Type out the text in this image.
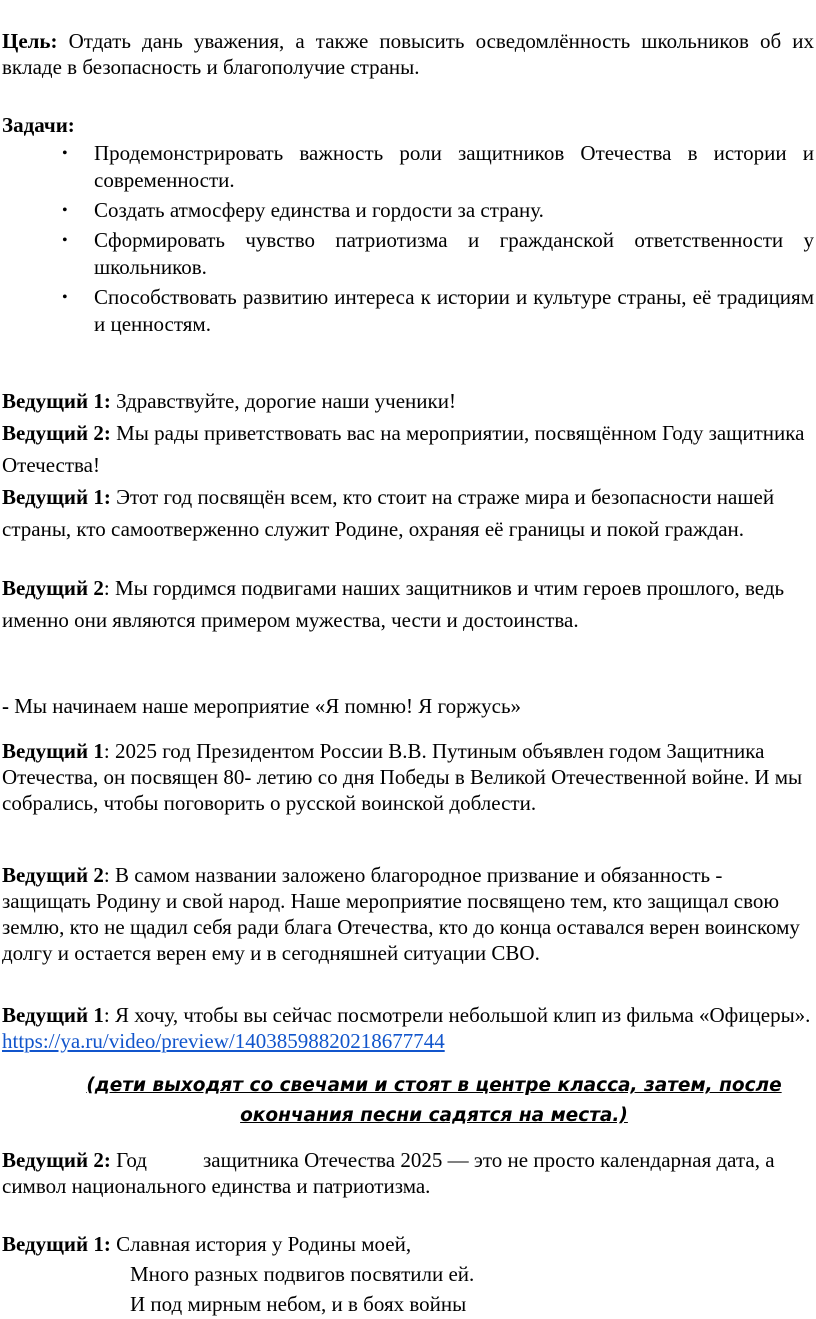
Цель: Отдать дань уважения, а также повысить осведомлённость школьников об их вкладе в безопасность и благополучие страны.

Задачи:

• Продемонстрировать важность роли защитников Отечества в истории и современности.
• Создать атмосферу единства и гордости за страну.
• Сформировать чувство патриотизма и гражданской ответственности у школьников.
• Способствовать развитию интереса к истории и культуре страны, её традициям и ценностям.

Ведущий 1: Здравствуйте, дорогие наши ученики!

Ведущий 2: Мы рады приветствовать вас на мероприятии, посвящённом Году защитника Отечества!

Ведущий 1: Этот год посвящён всем, кто стоит на страже мира и безопасности нашей страны, кто самоотверженно служит Родине, охраняя её границы и покой граждан.

Ведущий 2: Мы гордимся подвигами наших защитников и чтим героев прошлого, ведь именно они являются примером мужества, чести и достоинства.

- Мы начинаем наше мероприятие «Я помню! Я горжусь»

Ведущий 1: 2025 год Президентом России В.В. Путиным объявлен годом Защитника Отечества, он посвящен 80- летию со дня Победы в Великой Отечественной войне. И мы собрались, чтобы поговорить о русской воинской доблести.

Ведущий 2: В самом названии заложено благородное призвание и обязанность - защищать Родину и свой народ. Наше мероприятие посвящено тем, кто защищал свою землю, кто не щадил себя ради блага Отечества, кто до конца оставался верен воинскому долгу и остается верен ему и в сегодняшней ситуации СВО.

Ведущий 1: Я хочу, чтобы вы сейчас посмотрели небольшой клип из фильма «Офицеры». https://ya.ru/video/preview/14038598820218677744

(дети выходят со свечами и стоят в центре класса, затем, после окончания песни садятся на места.)

Ведущий 2: Год	защитника Отечества 2025 — это не просто календарная дата, а символ национального единства и патриотизма.

Ведущий 1: Славная история у Родины моей,
Много разных подвигов посвятили ей.
И под мирным небом, и в боях войны
